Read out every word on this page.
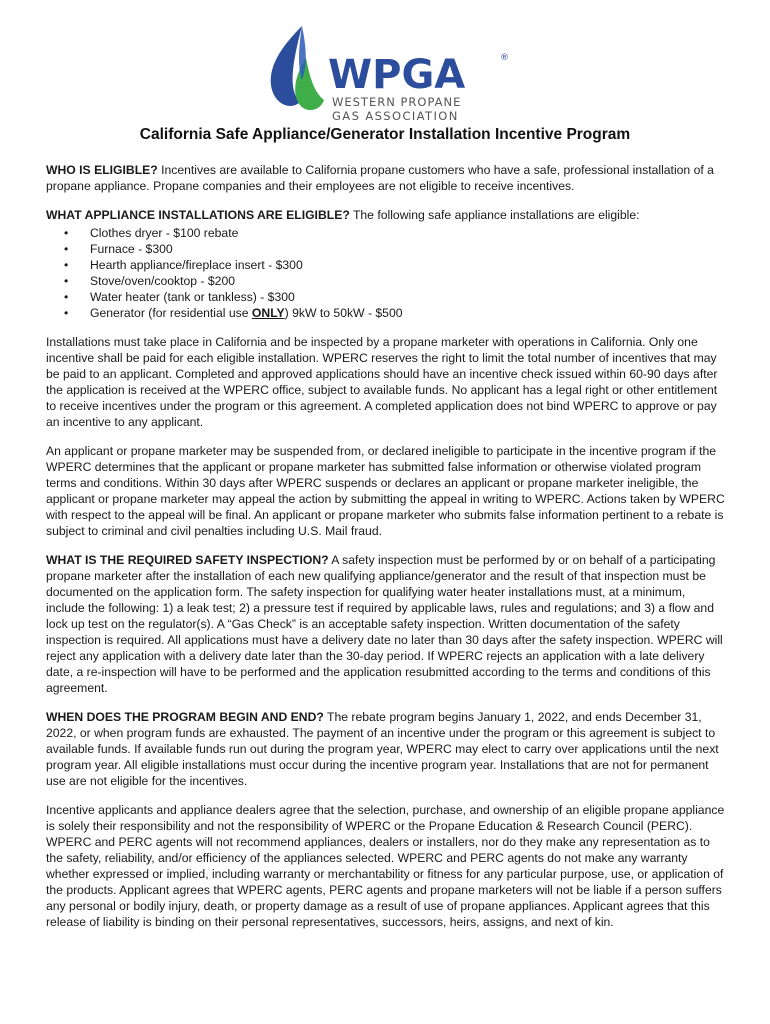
WPGA	®
WESTERN PROPANE
GAS ASSOCIATION
California Safe Appliance/Generator Installation Incentive Program

WHO IS ELIGIBLE? Incentives are available to California propane customers who have a safe, professional installation of a propane appliance. Propane companies and their employees are not eligible to receive incentives.

WHAT APPLIANCE INSTALLATIONS ARE ELIGIBLE? The following safe appliance installations are eligible:

• Clothes dryer - $100 rebate
• Furnace - $300
• Hearth appliance/fireplace insert - $300
• Stove/oven/cooktop - $200
• Water heater (tank or tankless) - $300
• Generator (for residential use ONLY) 9kW to 50kW - $500

Installations must take place in California and be inspected by a propane marketer with operations in California. Only one incentive shall be paid for each eligible installation. WPERC reserves the right to limit the total number of incentives that may be paid to an applicant. Completed and approved applications should have an incentive check issued within 60-90 days after the application is received at the WPERC office, subject to available funds. No applicant has a legal right or other entitlement to receive incentives under the program or this agreement. A completed application does not bind WPERC to approve or pay an incentive to any applicant.

An applicant or propane marketer may be suspended from, or declared ineligible to participate in the incentive program if the WPERC determines that the applicant or propane marketer has submitted false information or otherwise violated program terms and conditions. Within 30 days after WPERC suspends or declares an applicant or propane marketer ineligible, the applicant or propane marketer may appeal the action by submitting the appeal in writing to WPERC. Actions taken by WPERC with respect to the appeal will be final. An applicant or propane marketer who submits false information pertinent to a rebate is subject to criminal and civil penalties including U.S. Mail fraud.

WHAT IS THE REQUIRED SAFETY INSPECTION? A safety inspection must be performed by or on behalf of a participating propane marketer after the installation of each new qualifying appliance/generator and the result of that inspection must be documented on the application form. The safety inspection for qualifying water heater installations must, at a minimum, include the following: 1) a leak test; 2) a pressure test if required by applicable laws, rules and regulations; and 3) a flow and lock up test on the regulator(s). A “Gas Check” is an acceptable safety inspection. Written documentation of the safety inspection is required. All applications must have a delivery date no later than 30 days after the safety inspection. WPERC will reject any application with a delivery date later than the 30-day period. If WPERC rejects an application with a late delivery date, a re-inspection will have to be performed and the application resubmitted according to the terms and conditions of this agreement.

WHEN DOES THE PROGRAM BEGIN AND END? The rebate program begins January 1, 2022, and ends December 31, 2022, or when program funds are exhausted. The payment of an incentive under the program or this agreement is subject to available funds. If available funds run out during the program year, WPERC may elect to carry over applications until the next program year. All eligible installations must occur during the incentive program year. Installations that are not for permanent use are not eligible for the incentives.

Incentive applicants and appliance dealers agree that the selection, purchase, and ownership of an eligible propane appliance is solely their responsibility and not the responsibility of WPERC or the Propane Education & Research Council (PERC). WPERC and PERC agents will not recommend appliances, dealers or installers, nor do they make any representation as to the safety, reliability, and/or efficiency of the appliances selected. WPERC and PERC agents do not make any warranty whether expressed or implied, including warranty or merchantability or fitness for any particular purpose, use, or application of the products. Applicant agrees that WPERC agents, PERC agents and propane marketers will not be liable if a person suffers any personal or bodily injury, death, or property damage as a result of use of propane appliances. Applicant agrees that this release of liability is binding on their personal representatives, successors, heirs, assigns, and next of kin.
